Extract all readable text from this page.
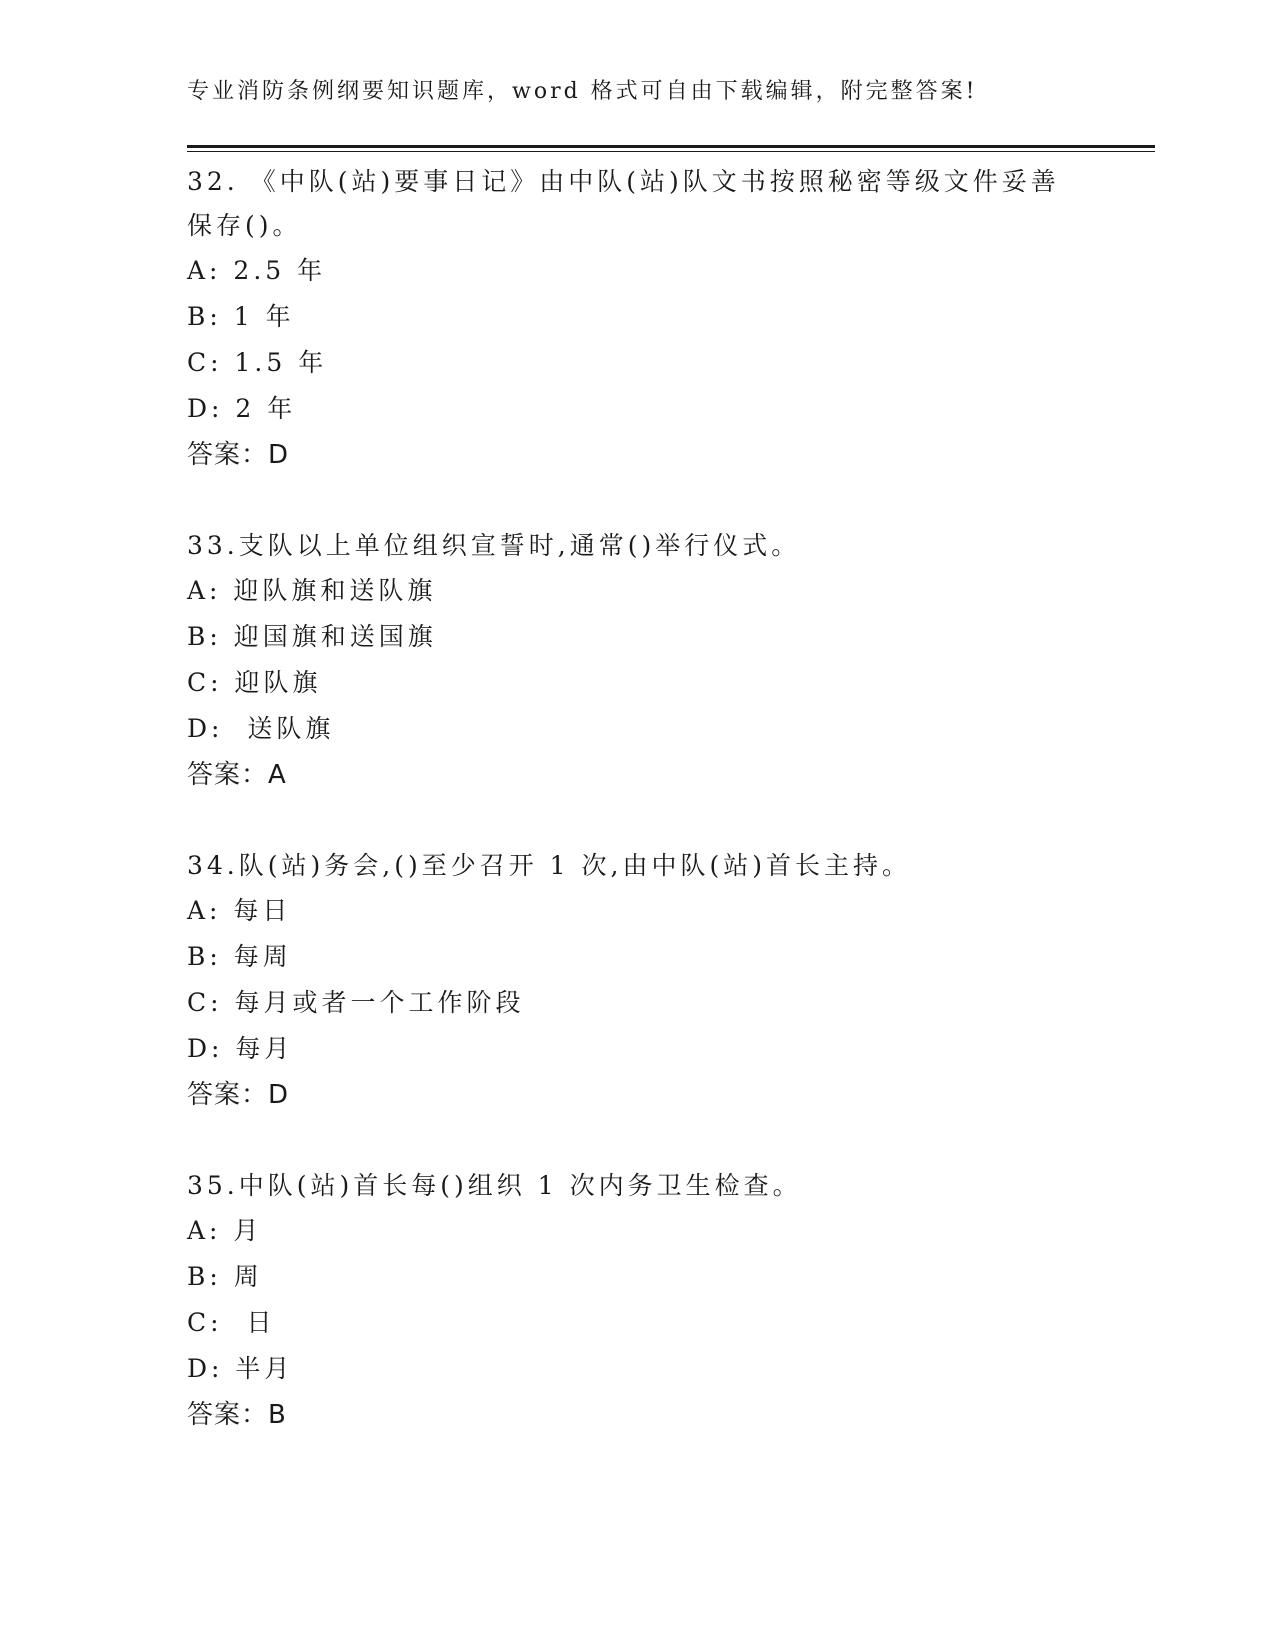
专业消防条例纲要知识题库，word 格式可自由下载编辑，附完整答案!
32. 《中队(站)要事日记》由中队(站)队文书按照秘密等级文件妥善保存()。
A: 2.5 年
B: 1 年
C: 1.5 年
D: 2 年
答案：D
33.支队以上单位组织宣誓时,通常()举行仪式。
A: 迎队旗和送队旗
B: 迎国旗和送国旗
C: 迎队旗
D:  送队旗
答案：A
34.队(站)务会,()至少召开 1 次,由中队(站)首长主持。
A: 每日
B: 每周
C: 每月或者一个工作阶段
D: 每月
答案：D
35.中队(站)首长每()组织 1 次内务卫生检查。
A: 月
B: 周
C:  日
D: 半月
答案：B
